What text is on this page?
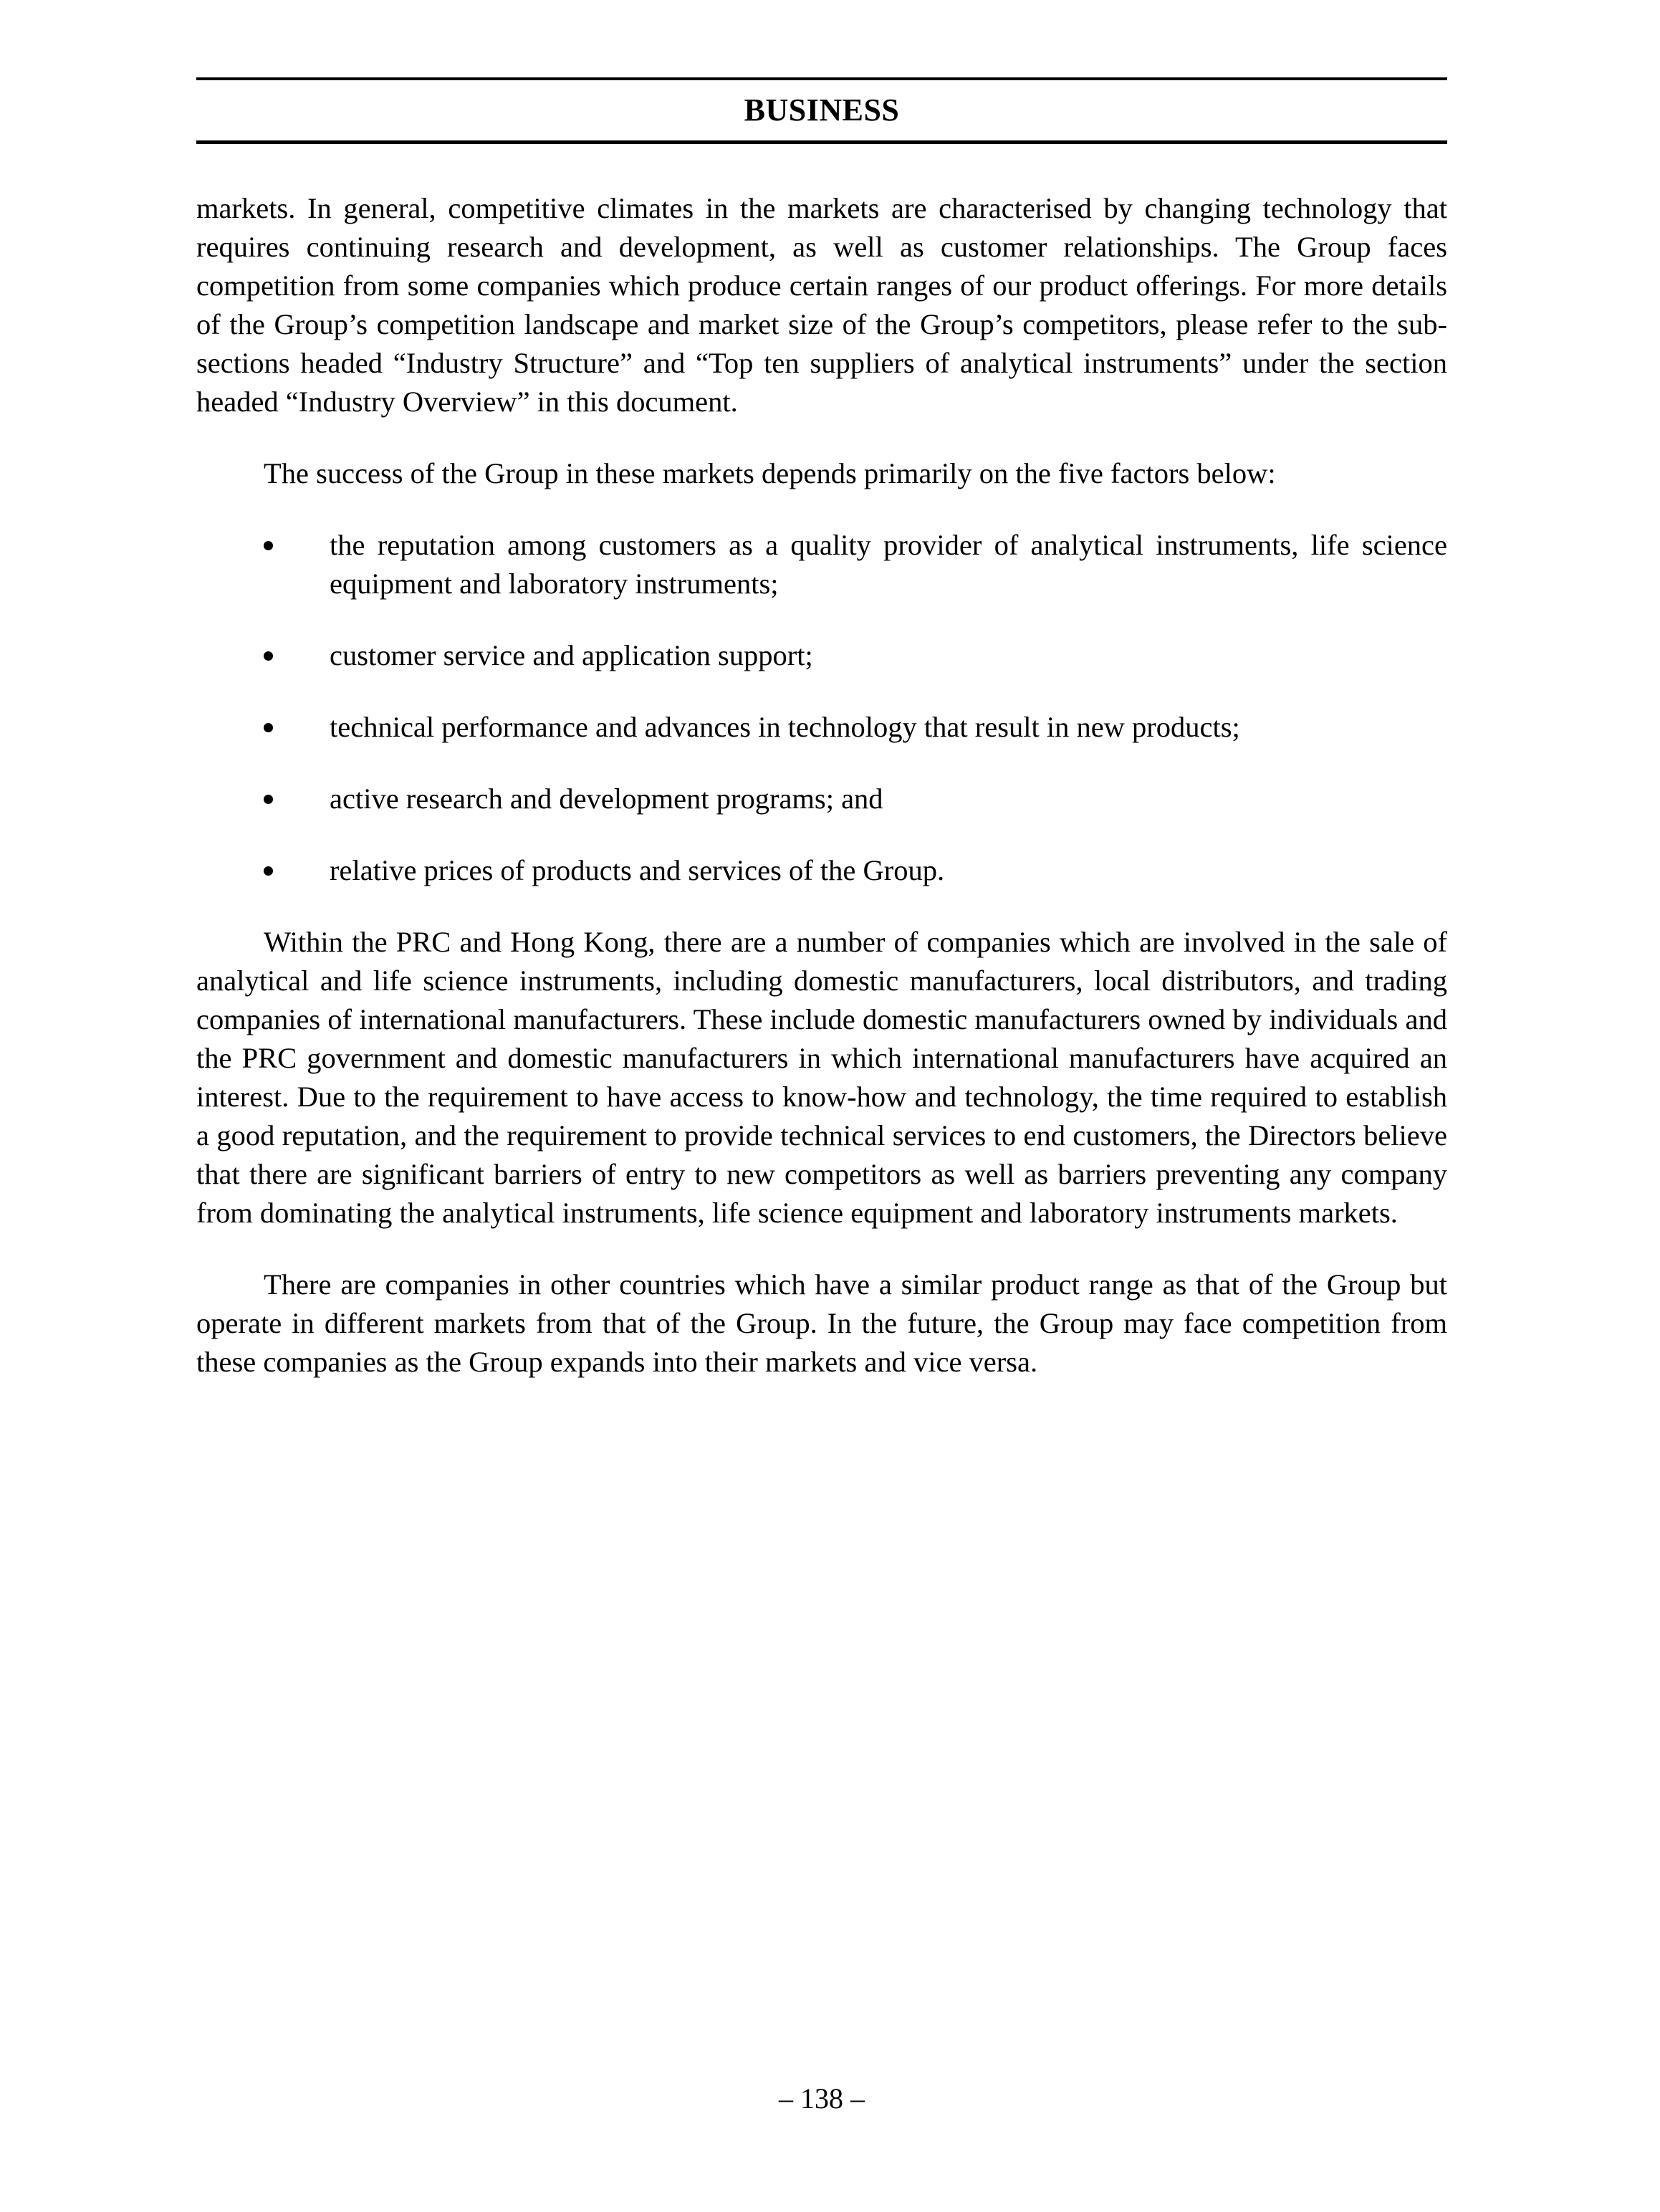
BUSINESS

markets. In general, competitive climates in the markets are characterised by changing technology that requires continuing research and development, as well as customer relationships. The Group faces competition from some companies which produce certain ranges of our product offerings. For more details of the Group’s competition landscape and market size of the Group’s competitors, please refer to the sub-sections headed “Industry Structure” and “Top ten suppliers of analytical instruments” under the section headed “Industry Overview” in this document.

The success of the Group in these markets depends primarily on the five factors below:

the reputation among customers as a quality provider of analytical instruments, life science equipment and laboratory instruments;
customer service and application support;
technical performance and advances in technology that result in new products;
active research and development programs; and
relative prices of products and services of the Group.

Within the PRC and Hong Kong, there are a number of companies which are involved in the sale of analytical and life science instruments, including domestic manufacturers, local distributors, and trading companies of international manufacturers. These include domestic manufacturers owned by individuals and the PRC government and domestic manufacturers in which international manufacturers have acquired an interest. Due to the requirement to have access to know-how and technology, the time required to establish a good reputation, and the requirement to provide technical services to end customers, the Directors believe that there are significant barriers of entry to new competitors as well as barriers preventing any company from dominating the analytical instruments, life science equipment and laboratory instruments markets.

There are companies in other countries which have a similar product range as that of the Group but operate in different markets from that of the Group. In the future, the Group may face competition from these companies as the Group expands into their markets and vice versa.

– 138 –
